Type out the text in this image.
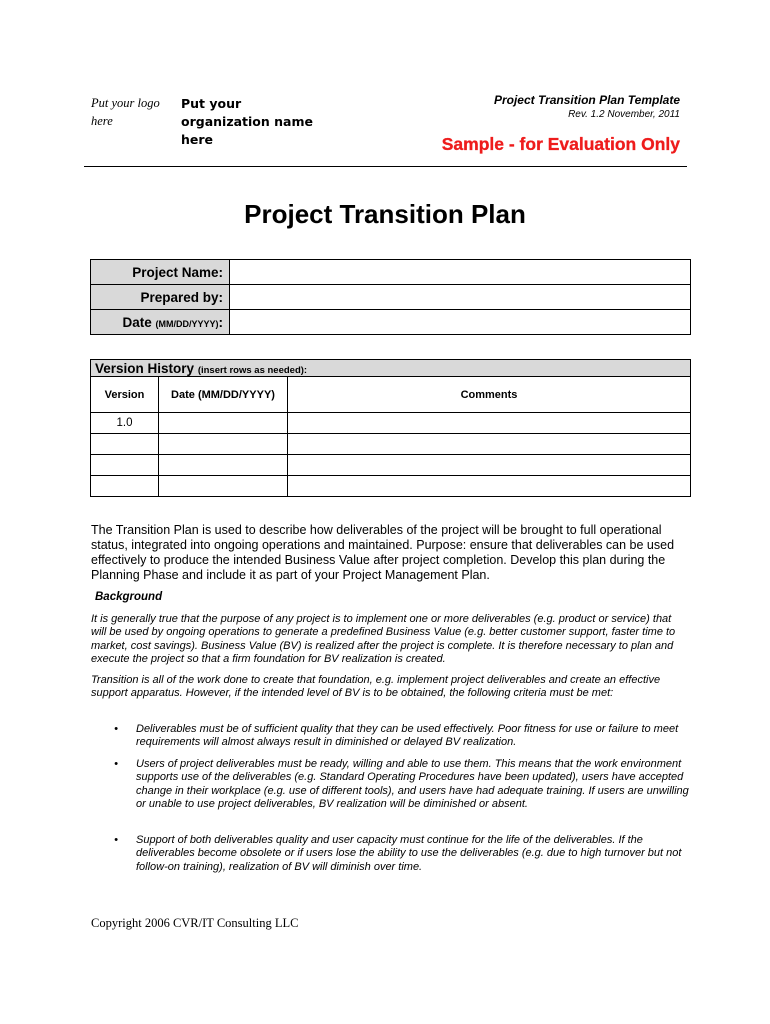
Put your logo here
Put your organization name here
Project Transition Plan Template
Rev. 1.2 November, 2011
Sample - for Evaluation Only
Project Transition Plan
Project Name:	
Prepared by:	
Date (MM/DD/YYYY):	
Version History (insert rows as needed):		
Version	Date (MM/DD/YYYY)	Comments
1.0		

The Transition Plan is used to describe how deliverables of the project will be brought to full operational status, integrated into ongoing operations and maintained. Purpose: ensure that deliverables can be used effectively to produce the intended Business Value after project completion. Develop this plan during the Planning Phase and include it as part of your Project Management Plan.
Background
It is generally true that the purpose of any project is to implement one or more deliverables (e.g. product or service) that will be used by ongoing operations to generate a predefined Business Value (e.g. better customer support, faster time to market, cost savings). Business Value (BV) is realized after the project is complete. It is therefore necessary to plan and execute the project so that a firm foundation for BV realization is created.
Transition is all of the work done to create that foundation, e.g. implement project deliverables and create an effective support apparatus. However, if the intended level of BV is to be obtained, the following criteria must be met:
• Deliverables must be of sufficient quality that they can be used effectively. Poor fitness for use or failure to meet requirements will almost always result in diminished or delayed BV realization.
• Users of project deliverables must be ready, willing and able to use them. This means that the work environment supports use of the deliverables (e.g. Standard Operating Procedures have been updated), users have accepted change in their workplace (e.g. use of different tools), and users have had adequate training. If users are unwilling or unable to use project deliverables, BV realization will be diminished or absent.
• Support of both deliverables quality and user capacity must continue for the life of the deliverables. If the deliverables become obsolete or if users lose the ability to use the deliverables (e.g. due to high turnover but not follow-on training), realization of BV will diminish over time.
Copyright 2006 CVR/IT Consulting LLC
